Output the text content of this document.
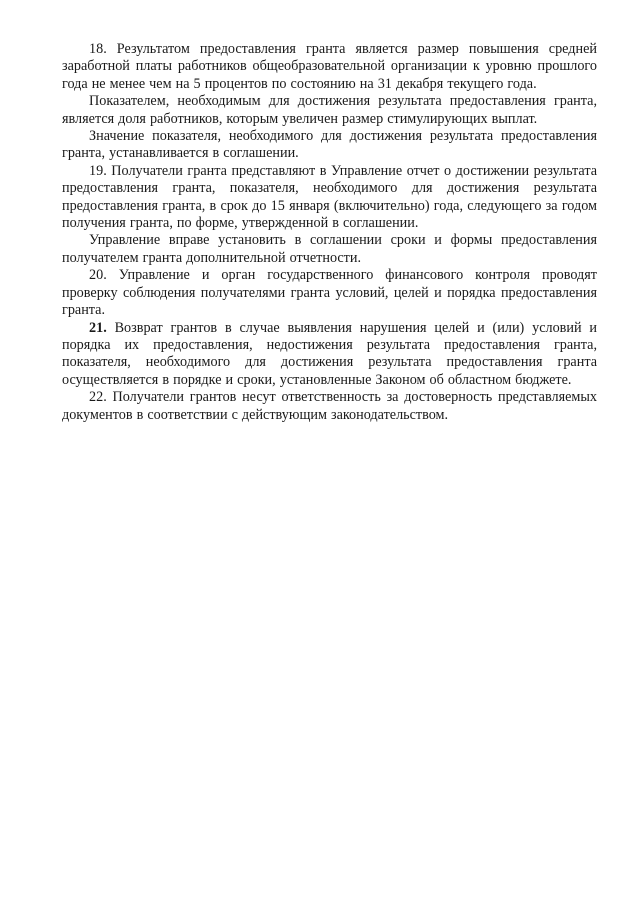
18. Результатом предоставления гранта является размер повышения средней заработной платы работников общеобразовательной организации к уровню прошлого года не менее чем на 5 процентов по состоянию на 31 декабря текущего года.

Показателем, необходимым для достижения результата предоставления гранта, является доля работников, которым увеличен размер стимулирующих выплат.

Значение показателя, необходимого для достижения результата предоставления гранта, устанавливается в соглашении.

19. Получатели гранта представляют в Управление отчет о достижении результата предоставления гранта, показателя, необходимого для достижения результата предоставления гранта, в срок до 15 января (включительно) года, следующего за годом получения гранта, по форме, утвержденной в соглашении.

Управление вправе установить в соглашении сроки и формы предоставления получателем гранта дополнительной отчетности.

20. Управление и орган государственного финансового контроля проводят проверку соблюдения получателями гранта условий, целей и порядка предоставления гранта.

21. Возврат грантов в случае выявления нарушения целей и (или) условий и порядка их предоставления, недостижения результата предоставления гранта, показателя, необходимого для достижения результата предоставления гранта осуществляется в порядке и сроки, установленные Законом об областном бюджете.

22. Получатели грантов несут ответственность за достоверность представляемых документов в соответствии с действующим законодательством.
